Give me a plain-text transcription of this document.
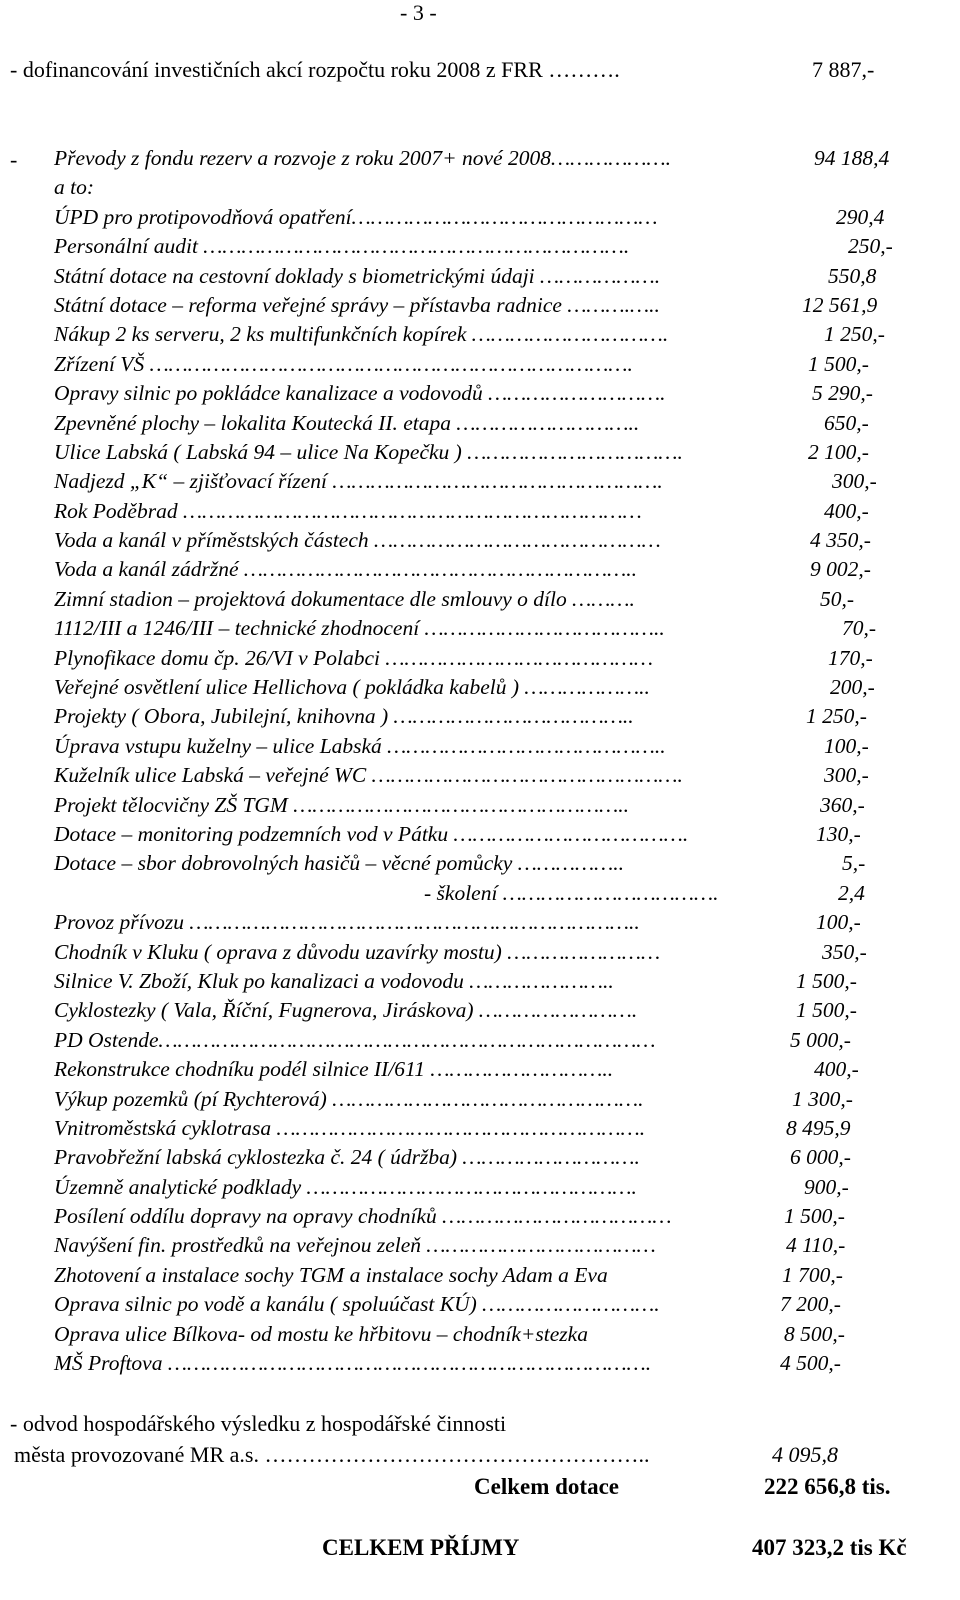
- 3 -
- dofinancování investičních akcí rozpočtu roku 2008 z FRR ……….	7 887,-
- Převody z fondu rezerv a rozvoje z roku 2007+ nové 2008……………….	94 188,4
a to:
ÚPD pro protipovodňová opatření…………………………………………	290,4
Personální audit ………………………………………………………….	250,-
Státní dotace na cestovní doklady s biometrickými údaji ……………….	550,8
Státní dotace – reforma veřejné správy – přístavba radnice ……….…..	12 561,9
Nákup 2 ks serveru, 2 ks multifunkčních kopírek ………………………….	1 250,-
Zřízení VŠ ………………………………………………………………….	1 500,-
Opravy silnic po pokládce kanalizace a vodovodů ……………………….	5 290,-
Zpevněné plochy – lokalita Koutecká II. etapa ………………………..	650,-
Ulice Labská ( Labská 94 – ulice Na Kopečku ) …………………………….	2 100,-
Nadjezd „K“ – zjišťovací řízení …………………………………………….	300,-
Rok Poděbrad ………………………………………………………………	400,-
Voda a kanál v příměstských částech ………………………………………	4 350,-
Voda a kanál zádržné ……………………………………………………..	9 002,-
Zimní stadion – projektová dokumentace dle smlouvy o dílo ……….	50,-
1112/III a 1246/III – technické zhodnocení ………………………………..	70,-
Plynofikace domu čp. 26/VI v Polabci ……………………………………	170,-
Veřejné osvětlení ulice Hellichova ( pokládka kabelů ) ………………..	200,-
Projekty ( Obora, Jubilejní, knihovna ) ………………………………..	1 250,-
Úprava vstupu kuželny – ulice Labská ……………………………………..	100,-
Kuželník ulice Labská – veřejné WC ………………………………………….	300,-
Projekt tělocvičny ZŠ TGM ……………………………………………..	360,-
Dotace – monitoring podzemních vod v Pátku ……………………………….	130,-
Dotace – sbor dobrovolných hasičů – věcné pomůcky ……………..	5,-
- školení …………………………….	2,4
Provoz přívozu ……………………………………………………………..	100,-
Chodník v Kluku ( oprava z důvodu uzavírky mostu) ……………………	350,-
Silnice V. Zboží, Kluk po kanalizaci a vodovodu …………………..	1 500,-
Cyklostezky ( Vala, Říční, Fugnerova, Jiráskova) …………………….	1 500,-
PD Ostende……………………………………………………………………	5 000,-
Rekonstrukce chodníku podél silnice II/611 ………………………..	400,-
Výkup pozemků (pí Rychterová) ………………………………………….	1 300,-
Vnitroměstská cyklotrasa ………………………………………………….	8 495,9
Pravobřežní labská cyklostezka č. 24 ( údržba) ……………………….	6 000,-
Územně analytické podklady …………………………………………….	900,-
Posílení oddílu dopravy na opravy chodníků ………………………………	1 500,-
Navýšení fin. prostředků na veřejnou zeleň ………………………………	4 110,-
Zhotovení a instalace sochy TGM a instalace sochy Adam a Eva	1 700,-
Oprava silnic po vodě a kanálu ( spoluúčast KÚ) ……………………….	7 200,-
Oprava ulice Bílkova- od mostu ke hřbitovu – chodník+stezka	8 500,-
MŠ Proftova ………………………………………………………………….	4 500,-
- odvod hospodářského výsledku z hospodářské činnosti
města provozované MR a.s. ……………………………………………..	4 095,8
Celkem dotace	222 656,8 tis.
CELKEM PŘÍJMY	407 323,2 tis Kč
